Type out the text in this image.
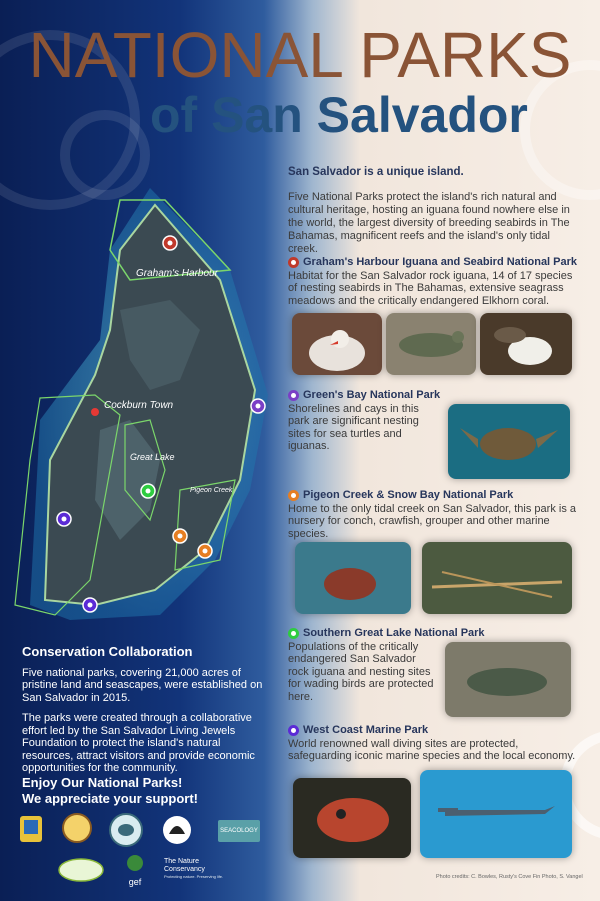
NATIONAL PARKS
of San Salvador
Graham's Harbour
Cockburn Town
Great Lake
Pigeon Creek
San Salvador is a unique island.

Five National Parks protect the island's rich natural and cultural heritage, hosting an iguana found nowhere else in the world, the largest diversity of breeding seabirds in The Bahamas, magnificent reefs and the island's only tidal creek.

Graham's Harbour Iguana and Seabird National Park

Habitat for the San Salvador rock iguana, 14 of 17 species of nesting seabirds in The Bahamas, extensive seagrass meadows and the critically endangered Elkhorn coral.

Green's Bay National Park

Shorelines and cays in this park are significant nesting sites for sea turtles and iguanas.

Pigeon Creek & Snow Bay National Park

Home to the only tidal creek on San Salvador, this park is a nursery for conch, crawfish, grouper and other marine species.

Southern Great Lake National Park

Populations of the critically endangered San Salvador rock iguana and nesting sites for wading birds are protected here.

West Coast Marine Park

World renowned wall diving sites are protected, safeguarding iconic marine species and the local economy.

Conservation Collaboration

Five national parks, covering 21,000 acres of pristine land and seascapes, were established on San Salvador in 2015.

The parks were created through a collaborative effort led by the San Salvador Living Jewels Foundation to protect the island's natural resources, attract visitors and provide economic opportunities for the community.

Enjoy Our National Parks!
We appreciate your support!
SEACOLOGY
gef
The Nature
Conservancy
Protecting nature. Preserving life.	Photo credits: C. Bowles, Rusty's Cove Fin Photo, S. Vangel
